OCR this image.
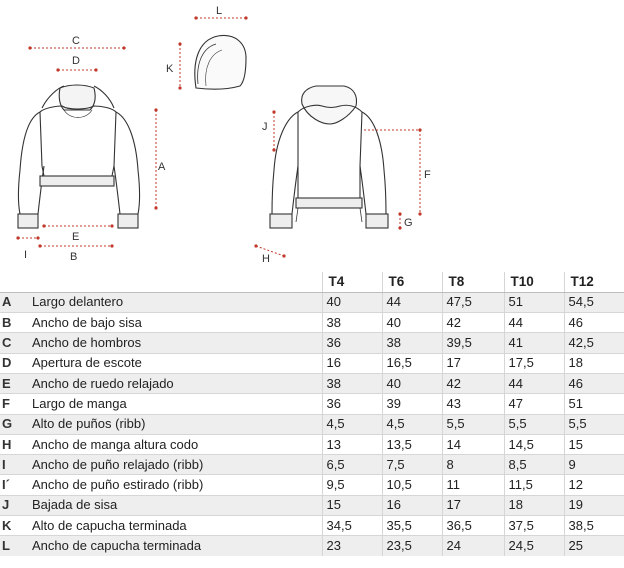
L
K
C
D
A
E
B
I
J
F
G
H
		T4	T6	T8	T10	T12
A	Largo delantero	40	44	47,5	51	54,5
B	Ancho de bajo sisa	38	40	42	44	46
C	Ancho de hombros	36	38	39,5	41	42,5
D	Apertura de escote	16	16,5	17	17,5	18
E	Ancho de ruedo relajado	38	40	42	44	46
F	Largo de manga	36	39	43	47	51
G	Alto de puños (ribb)	4,5	4,5	5,5	5,5	5,5
H	Ancho de manga altura codo	13	13,5	14	14,5	15
I	Ancho de puño relajado (ribb)	6,5	7,5	8	8,5	9
I´	Ancho de puño estirado (ribb)	9,5	10,5	11	11,5	12
J	Bajada de sisa	15	16	17	18	19
K	Alto de capucha terminada	34,5	35,5	36,5	37,5	38,5
L	Ancho de capucha terminada	23	23,5	24	24,5	25
